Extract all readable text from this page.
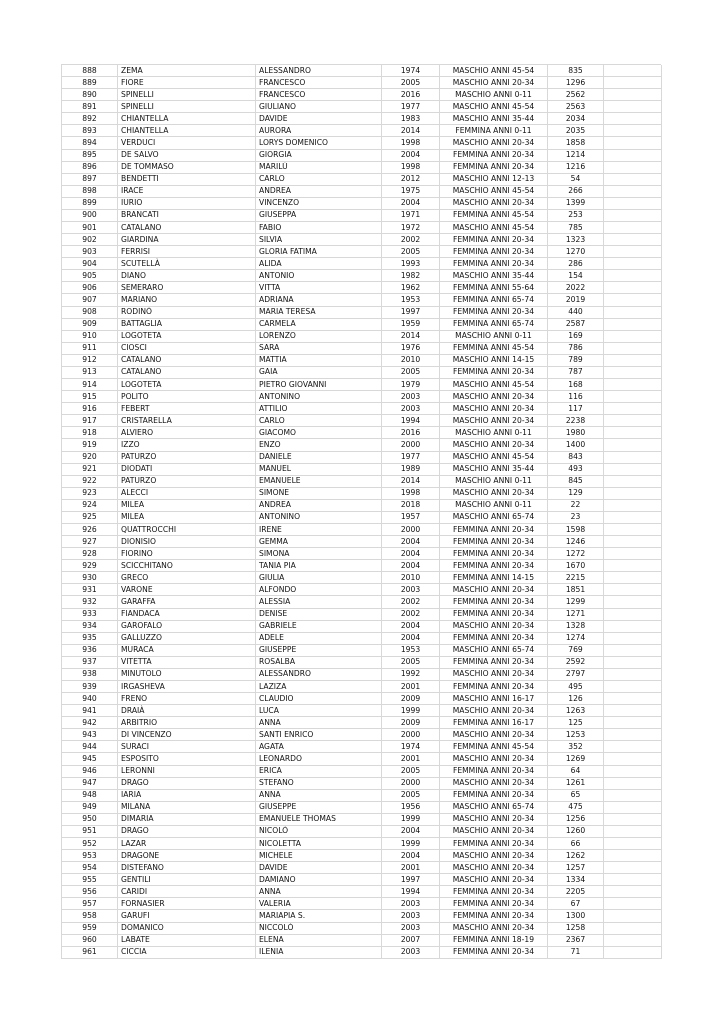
888	ZEMA	ALESSANDRO	1974	MASCHIO ANNI 45-54	835	
889	FIORE	FRANCESCO	2005	MASCHIO ANNI 20-34	1296	
890	SPINELLI	FRANCESCO	2016	MASCHIO ANNI 0-11	2562	
891	SPINELLI	GIULIANO	1977	MASCHIO ANNI 45-54	2563	
892	CHIANTELLA	DAVIDE	1983	MASCHIO ANNI 35-44	2034	
893	CHIANTELLA	AURORA	2014	FEMMINA ANNI 0-11	2035	
894	VERDUCI	LORYS DOMENICO	1998	MASCHIO ANNI 20-34	1858	
895	DE SALVO	GIORGIA	2004	FEMMINA ANNI 20-34	1214	
896	DE TOMMASO	MARILÙ	1998	FEMMINA ANNI 20-34	1216	
897	BENDETTI	CARLO	2012	MASCHIO ANNI 12-13	54	
898	IRACE	ANDREA	1975	MASCHIO ANNI 45-54	266	
899	IURIO	VINCENZO	2004	MASCHIO ANNI 20-34	1399	
900	BRANCATI	GIUSEPPA	1971	FEMMINA ANNI 45-54	253	
901	CATALANO	FABIO	1972	MASCHIO ANNI 45-54	785	
902	GIARDINA	SILVIA	2002	FEMMINA ANNI 20-34	1323	
903	FERRISI	GLORIA FATIMA	2005	FEMMINA ANNI 20-34	1270	
904	SCUTELLÀ	ALIDA	1993	FEMMINA ANNI 20-34	286	
905	DIANO	ANTONIO	1982	MASCHIO ANNI 35-44	154	
906	SEMERARO	VITTA	1962	FEMMINA ANNI 55-64	2022	
907	MARIANO	ADRIANA	1953	FEMMINA ANNI 65-74	2019	
908	RODINÒ	MARIA TERESA	1997	FEMMINA ANNI 20-34	440	
909	BATTAGLIA	CARMELA	1959	FEMMINA ANNI 65-74	2587	
910	LOGOTETA	LORENZO	2014	MASCHIO ANNI 0-11	169	
911	CIOSCI	SARA	1976	FEMMINA ANNI 45-54	786	
912	CATALANO	MATTIA	2010	MASCHIO ANNI 14-15	789	
913	CATALANO	GAIA	2005	FEMMINA ANNI 20-34	787	
914	LOGOTETA	PIETRO GIOVANNI	1979	MASCHIO ANNI 45-54	168	
915	POLITO	ANTONINO	2003	MASCHIO ANNI 20-34	116	
916	FEBERT	ATTILIO	2003	MASCHIO ANNI 20-34	117	
917	CRISTARELLA	CARLO	1994	MASCHIO ANNI 20-34	2238	
918	ALVIERO	GIACOMO	2016	MASCHIO ANNI 0-11	1980	
919	IZZO	ENZO	2000	MASCHIO ANNI 20-34	1400	
920	PATURZO	DANIELE	1977	MASCHIO ANNI 45-54	843	
921	DIODATI	MANUEL	1989	MASCHIO ANNI 35-44	493	
922	PATURZO	EMANUELE	2014	MASCHIO ANNI 0-11	845	
923	ALECCI	SIMONE	1998	MASCHIO ANNI 20-34	129	
924	MILEA	ANDREA	2018	MASCHIO ANNI 0-11	22	
925	MILEA	ANTONINO	1957	MASCHIO ANNI 65-74	23	
926	QUATTROCCHI	IRENE	2000	FEMMINA ANNI 20-34	1598	
927	DIONISIO	GEMMA	2004	FEMMINA ANNI 20-34	1246	
928	FIORINO	SIMONA	2004	FEMMINA ANNI 20-34	1272	
929	SCICCHITANO	TANIA PIA	2004	FEMMINA ANNI 20-34	1670	
930	GRECO	GIULIA	2010	FEMMINA ANNI 14-15	2215	
931	VARONE	ALFONDO	2003	MASCHIO ANNI 20-34	1851	
932	GARAFFA	ALESSIA	2002	FEMMINA ANNI 20-34	1299	
933	FIANDACA	DENISE	2002	FEMMINA ANNI 20-34	1271	
934	GAROFALO	GABRIELE	2004	MASCHIO ANNI 20-34	1328	
935	GALLUZZO	ADELE	2004	FEMMINA ANNI 20-34	1274	
936	MURACA	GIUSEPPE	1953	MASCHIO ANNI 65-74	769	
937	VITETTA	ROSALBA	2005	FEMMINA ANNI 20-34	2592	
938	MINUTOLO	ALESSANDRO	1992	MASCHIO ANNI 20-34	2797	
939	IRGASHEVA	LAZIZA	2001	FEMMINA ANNI 20-34	495	
940	FRENO	CLAUDIO	2009	MASCHIO ANNI 16-17	126	
941	DRAIÀ	LUCA	1999	MASCHIO ANNI 20-34	1263	
942	ARBITRIO	ANNA	2009	FEMMINA ANNI 16-17	125	
943	DI VINCENZO	SANTI ENRICO	2000	MASCHIO ANNI 20-34	1253	
944	SURACI	AGATA	1974	FEMMINA ANNI 45-54	352	
945	ESPOSITO	LEONARDO	2001	MASCHIO ANNI 20-34	1269	
946	LERONNI	ERICA	2005	FEMMINA ANNI 20-34	64	
947	DRAGO	STEFANO	2000	MASCHIO ANNI 20-34	1261	
948	IARIA	ANNA	2005	FEMMINA ANNI 20-34	65	
949	MILANA	GIUSEPPE	1956	MASCHIO ANNI 65-74	475	
950	DIMARIA	EMANUELE THOMAS	1999	MASCHIO ANNI 20-34	1256	
951	DRAGO	NICOLÒ	2004	MASCHIO ANNI 20-34	1260	
952	LAZAR	NICOLETTA	1999	FEMMINA ANNI 20-34	66	
953	DRAGONE	MICHELE	2004	MASCHIO ANNI 20-34	1262	
954	DISTEFANO	DAVIDE	2001	MASCHIO ANNI 20-34	1257	
955	GENTILI	DAMIANO	1997	MASCHIO ANNI 20-34	1334	
956	CARIDI	ANNA	1994	FEMMINA ANNI 20-34	2205	
957	FORNASIER	VALERIA	2003	FEMMINA ANNI 20-34	67	
958	GARUFI	MARIAPIA S.	2003	FEMMINA ANNI 20-34	1300	
959	DOMANICO	NICCOLÒ	2003	MASCHIO ANNI 20-34	1258	
960	LABATE	ELENA	2007	FEMMINA ANNI 18-19	2367	
961	CICCIA	ILENIA	2003	FEMMINA ANNI 20-34	71	
